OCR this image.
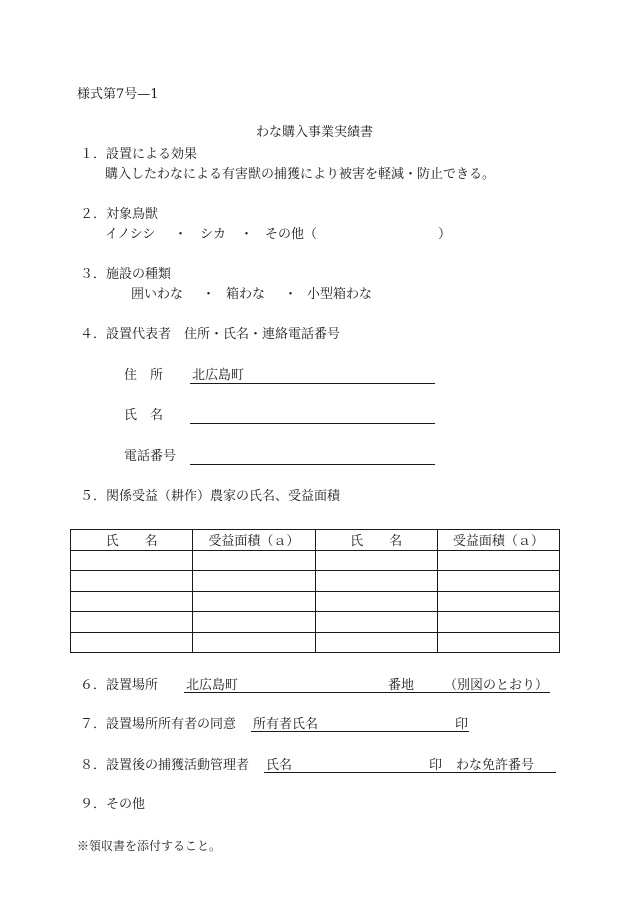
様式第7号—1
わな購入事業実績書
１．設置による効果
購入したわなによる有害獣の捕獲により被害を軽減・防止できる。
２．対象鳥獣
イノシシ ・ シカ ・ その他（	）
３．施設の種類
囲いわな ・ 箱わな ・ 小型箱わな
４．設置代表者　住所・氏名・連絡電話番号
住　所 北広島町
氏　名
電話番号
５．関係受益（耕作）農家の氏名、受益面積
氏　　名	受益面積（ａ）	氏　　名	受益面積（ａ）

６．設置場所 北広島町	番地 （別図のとおり）
７．設置場所所有者の同意 所有者氏名	印
８．設置後の捕獲活動管理者 氏名	印 わな免許番号
９．その他
※領収書を添付すること。
